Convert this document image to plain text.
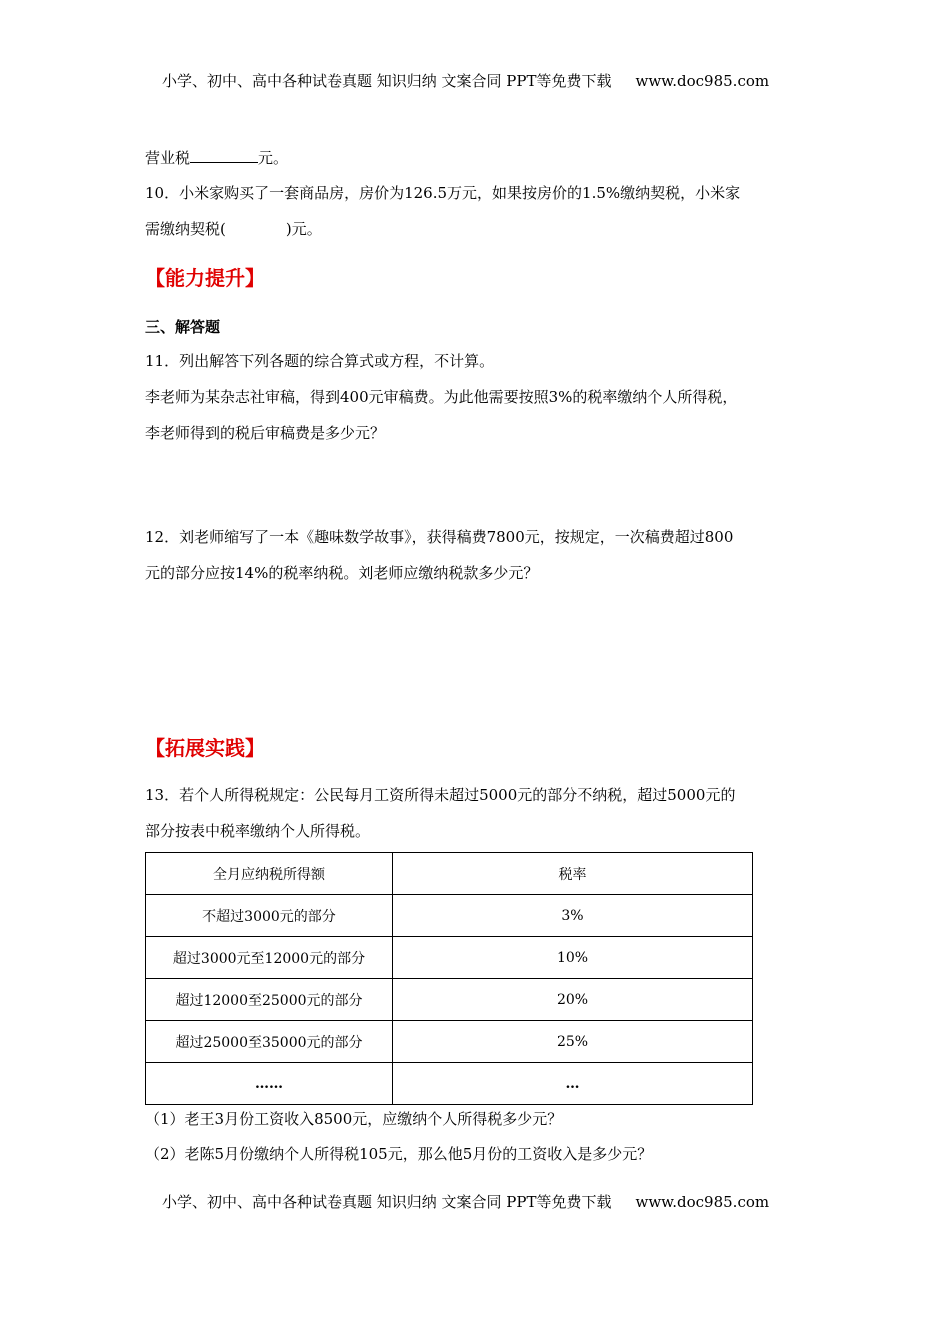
小学、初中、高中各种试卷真题 知识归纳 文案合同 PPT等免费下载 www.doc985.com
营业税	元。
10．小米家购买了一套商品房，房价为126.5万元，如果按房价的1.5%缴纳契税，小米家
需缴纳契税(	)元。
【能力提升】
三、解答题
11．列出解答下列各题的综合算式或方程，不计算。
李老师为某杂志社审稿，得到400元审稿费。为此他需要按照3%的税率缴纳个人所得税，
李老师得到的税后审稿费是多少元？
12．刘老师缩写了一本《趣味数学故事》，获得稿费7800元，按规定，一次稿费超过800
元的部分应按14%的税率纳税。刘老师应缴纳税款多少元？
【拓展实践】
13．若个人所得税规定：公民每月工资所得未超过5000元的部分不纳税，超过5000元的
部分按表中税率缴纳个人所得税。
全月应纳税所得额	税率
不超过3000元的部分	3%
超过3000元至12000元的部分	10%
超过12000至25000元的部分	20%
超过25000至35000元的部分	25%
……	…
（1）老王3月份工资收入8500元，应缴纳个人所得税多少元？
（2）老陈5月份缴纳个人所得税105元，那么他5月份的工资收入是多少元？
小学、初中、高中各种试卷真题 知识归纳 文案合同 PPT等免费下载 www.doc985.com
